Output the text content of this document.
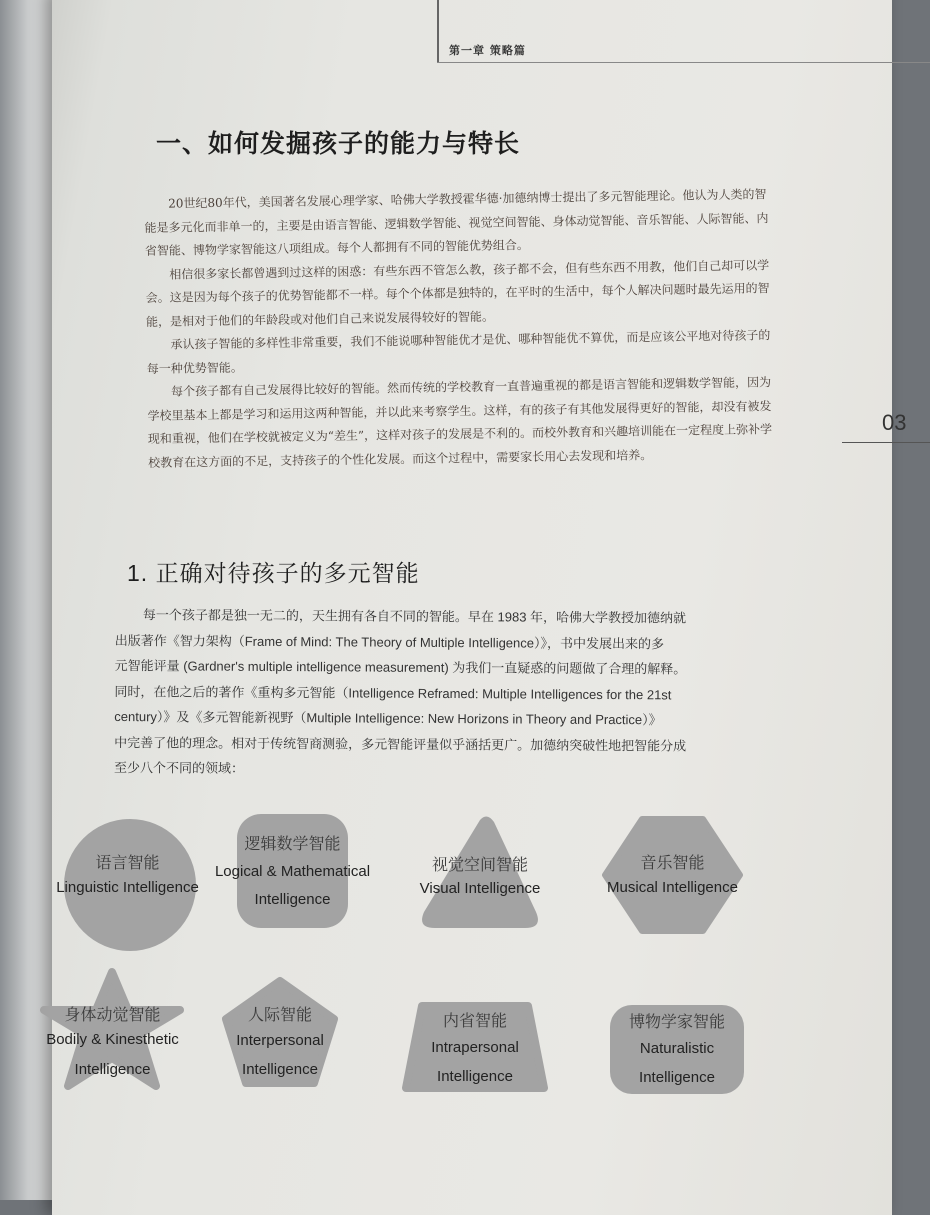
第一章 策略篇
03
一、如何发掘孩子的能力与特长

20世纪80年代，美国著名发展心理学家、哈佛大学教授霍华德·加德纳博士提出了多元智能理论。他认为人类的智能是多元化而非单一的，主要是由语言智能、逻辑数学智能、视觉空间智能、身体动觉智能、音乐智能、人际智能、内省智能、博物学家智能这八项组成。每个人都拥有不同的智能优势组合。

相信很多家长都曾遇到过这样的困惑：有些东西不管怎么教，孩子都不会，但有些东西不用教，他们自己却可以学会。这是因为每个孩子的优势智能都不一样。每个个体都是独特的，在平时的生活中，每个人解决问题时最先运用的智能，是相对于他们的年龄段或对他们自己来说发展得较好的智能。

承认孩子智能的多样性非常重要，我们不能说哪种智能优才是优、哪种智能优不算优，而是应该公平地对待孩子的每一种优势智能。

每个孩子都有自己发展得比较好的智能。然而传统的学校教育一直普遍重视的都是语言智能和逻辑数学智能，因为学校里基本上都是学习和运用这两种智能，并以此来考察学生。这样，有的孩子有其他发展得更好的智能，却没有被发现和重视，他们在学校就被定义为“差生”，这样对孩子的发展是不利的。而校外教育和兴趣培训能在一定程度上弥补学校教育在这方面的不足，支持孩子的个性化发展。而这个过程中，需要家长用心去发现和培养。

1. 正确对待孩子的多元智能

每一个孩子都是独一无二的，天生拥有各自不同的智能。早在 1983 年，哈佛大学教授加德纳就

出版著作《智力架构（Frame of Mind: The Theory of Multiple Intelligence）》，书中发展出来的多

元智能评量 (Gardner's multiple intelligence measurement) 为我们一直疑惑的问题做了合理的解释。

同时，在他之后的著作《重构多元智能（Intelligence Reframed: Multiple Intelligences for the 21st

century）》及《多元智能新视野（Multiple Intelligence: New Horizons in Theory and Practice）》

中完善了他的理念。相对于传统智商测验，多元智能评量似乎涵括更广。加德纳突破性地把智能分成

至少八个不同的领域：

语言智能
Linguistic Intelligence
逻辑数学智能
Logical & Mathematical
Intelligence
视觉空间智能
Visual Intelligence
音乐智能
Musical Intelligence
身体动觉智能
Bodily & Kinesthetic
Intelligence
人际智能
Interpersonal
Intelligence
内省智能
Intrapersonal
Intelligence
博物学家智能
Naturalistic
Intelligence
